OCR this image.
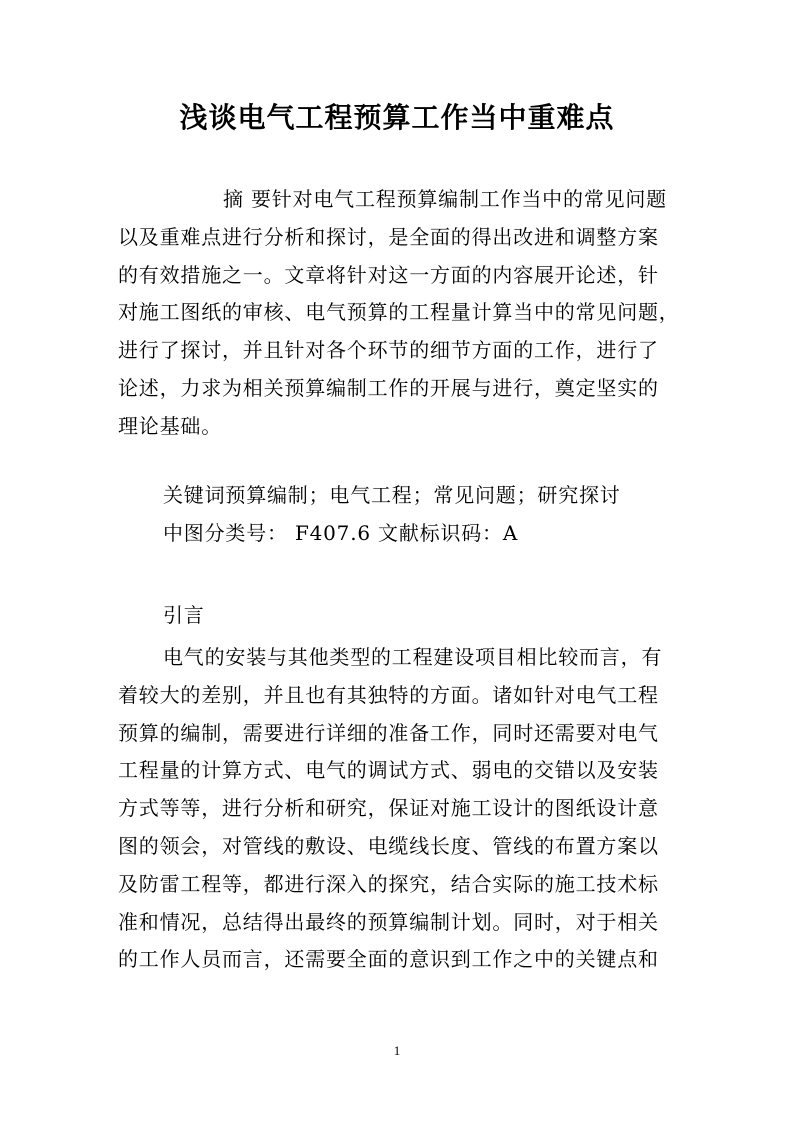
浅谈电气工程预算工作当中重难点
摘 要针对电气工程预算编制工作当中的常见问题
以及重难点进行分析和探讨，是全面的得出改进和调整方案
的有效措施之一。文章将针对这一方面的内容展开论述，针
对施工图纸的审核、电气预算的工程量计算当中的常见问题，
进行了探讨，并且针对各个环节的细节方面的工作，进行了
论述，力求为相关预算编制工作的开展与进行，奠定坚实的
理论基础。
关键词预算编制；电气工程；常见问题；研究探讨
中图分类号： F407.6 文献标识码：A
引言
电气的安装与其他类型的工程建设项目相比较而言，有
着较大的差别，并且也有其独特的方面。诸如针对电气工程
预算的编制，需要进行详细的准备工作，同时还需要对电气
工程量的计算方式、电气的调试方式、弱电的交错以及安装
方式等等，进行分析和研究，保证对施工设计的图纸设计意
图的领会，对管线的敷设、电缆线长度、管线的布置方案以
及防雷工程等，都进行深入的探究，结合实际的施工技术标
准和情况，总结得出最终的预算编制计划。同时，对于相关
的工作人员而言，还需要全面的意识到工作之中的关键点和
1
